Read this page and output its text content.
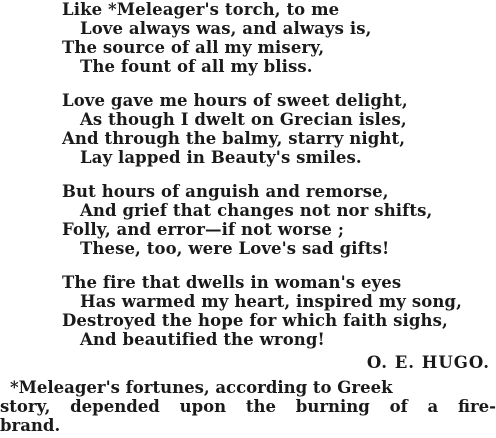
Like *Meleager's torch, to me
Love always was, and always is,
The source of all my misery,
The fount of all my bliss.
Love gave me hours of sweet delight,
As though I dwelt on Grecian isles,
And through the balmy, starry night,
Lay lapped in Beauty's smiles.
But hours of anguish and remorse,
And grief that changes not nor shifts,
Folly, and error—if not worse ;
These, too, were Love's sad gifts!
The fire that dwells in woman's eyes
Has warmed my heart, inspired my song,
Destroyed the hope for which faith sighs,
And beautified the wrong!
O. E. HUGO.
*Meleager's fortunes, according to Greek
story, depended upon the burning of a fire-
brand.
